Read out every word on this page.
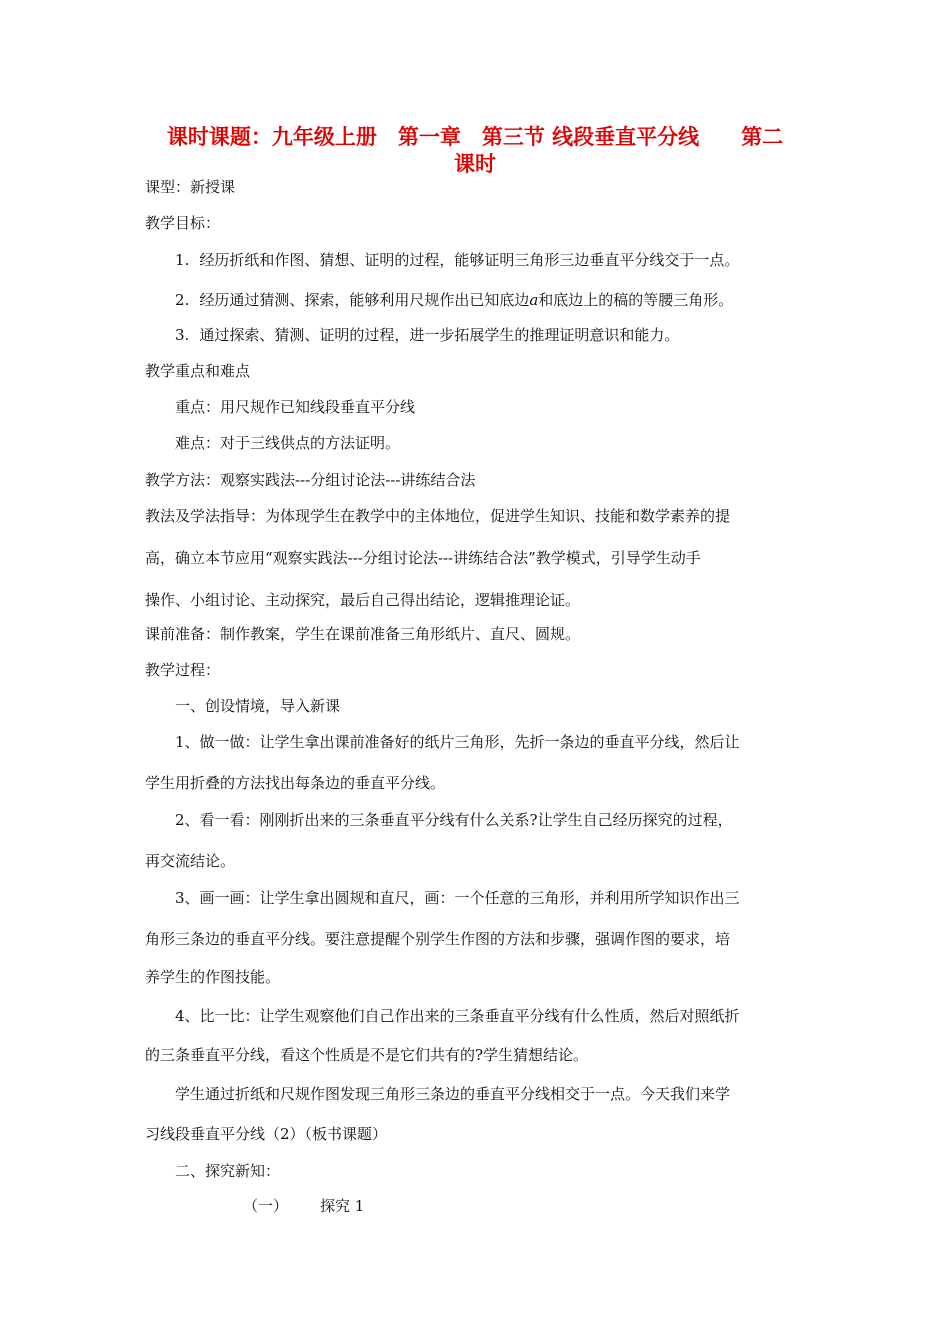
课时课题：九年级上册　第一章　第三节 线段垂直平分线　　第二
课时
课型：新授课
教学目标：
1. 经历折纸和作图、猜想、证明的过程，能够证明三角形三边垂直平分线交于一点。
2. 经历通过猜测、探索，能够利用尺规作出已知底边a和底边上的稿的等腰三角形。
3. 通过探索、猜测、证明的过程，进一步拓展学生的推理证明意识和能力。
教学重点和难点
重点：用尺规作已知线段垂直平分线
难点：对于三线供点的方法证明。
教学方法：观察实践法---分组讨论法---讲练结合法
教法及学法指导：为体现学生在教学中的主体地位，促进学生知识、技能和数学素养的提
高，确立本节应用“观察实践法---分组讨论法---讲练结合法”教学模式，引导学生动手
操作、小组讨论、主动探究，最后自己得出结论，逻辑推理论证。
课前准备：制作教案，学生在课前准备三角形纸片、直尺、圆规。
教学过程：
一、创设情境，导入新课
1、做一做：让学生拿出课前准备好的纸片三角形，先折一条边的垂直平分线，然后让
学生用折叠的方法找出每条边的垂直平分线。
2、看一看：刚刚折出来的三条垂直平分线有什么关系?让学生自己经历探究的过程，
再交流结论。
3、画一画：让学生拿出圆规和直尺，画：一个任意的三角形，并利用所学知识作出三
角形三条边的垂直平分线。要注意提醒个别学生作图的方法和步骤，强调作图的要求，培
养学生的作图技能。
4、比一比：让学生观察他们自己作出来的三条垂直平分线有什么性质，然后对照纸折
的三条垂直平分线，看这个性质是不是它们共有的?学生猜想结论。
学生通过折纸和尺规作图发现三角形三条边的垂直平分线相交于一点。今天我们来学
习线段垂直平分线（2）（板书课题）
二、探究新知：
（一） 探究 1
